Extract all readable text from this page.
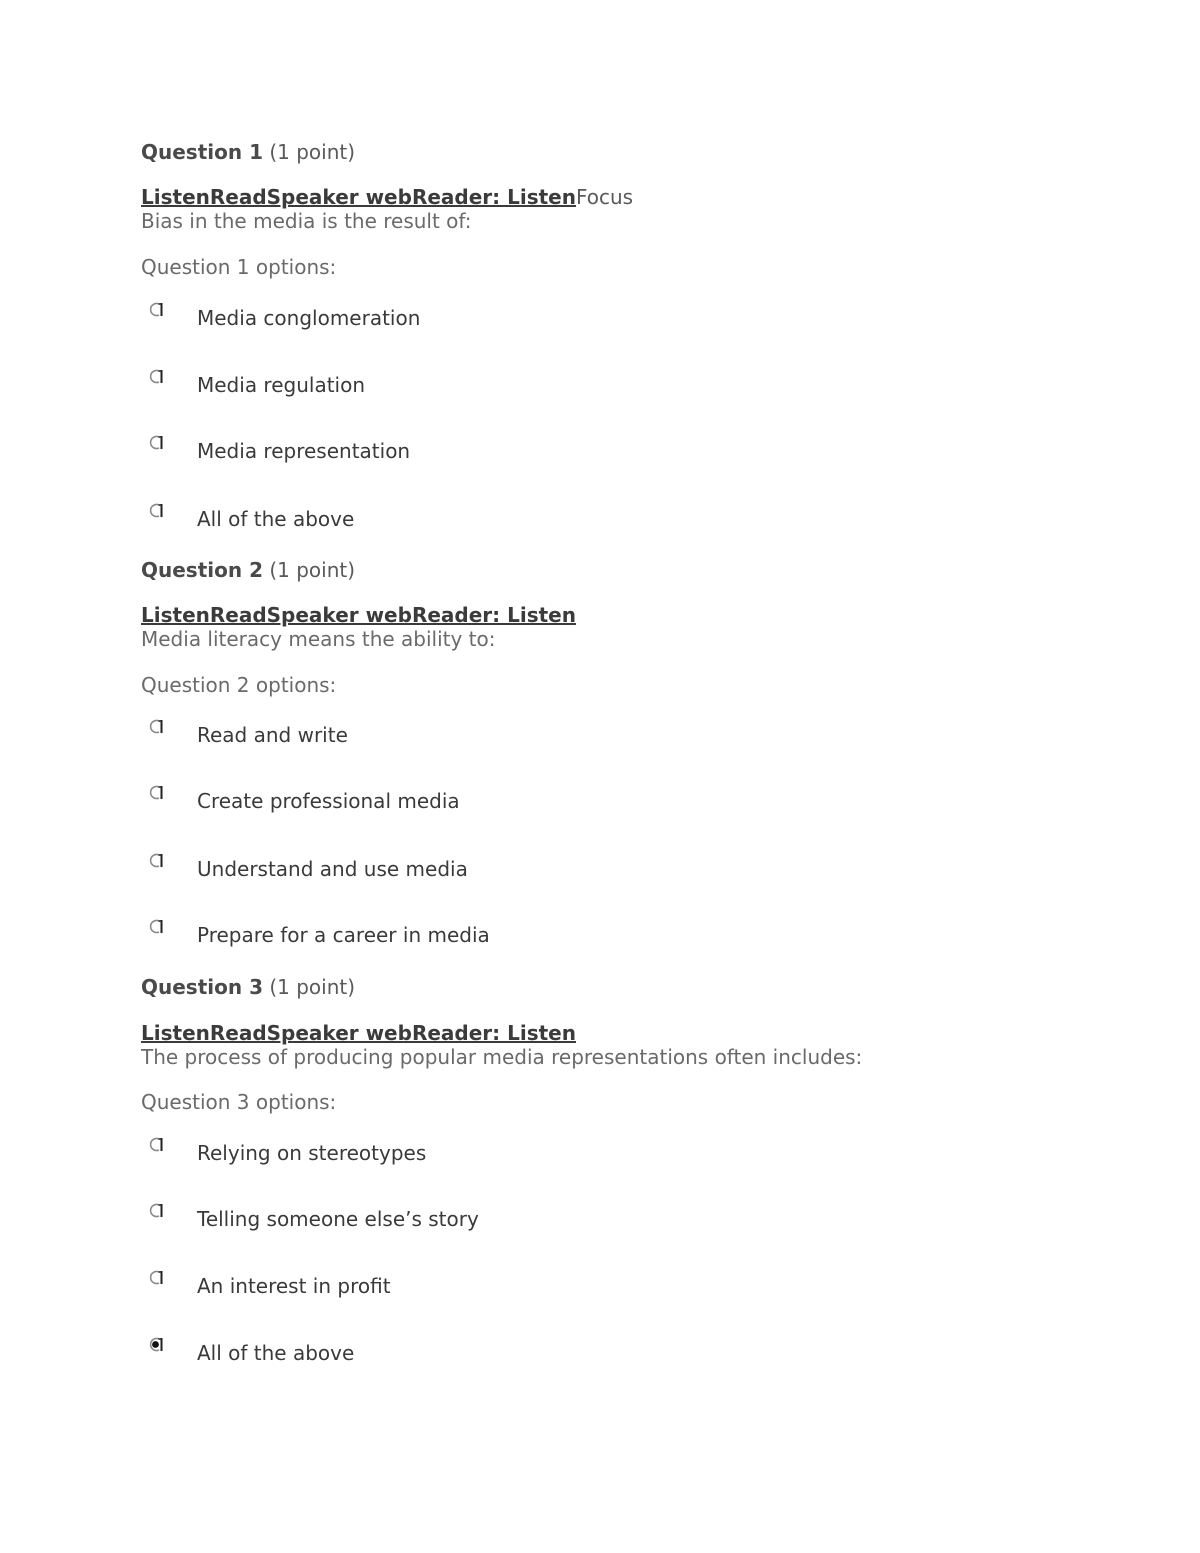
Question 1 (1 point)
ListenReadSpeaker webReader: ListenFocus
Bias in the media is the result of:
Question 1 options:
Media conglomeration
Media regulation
Media representation
All of the above
Question 2 (1 point)
ListenReadSpeaker webReader: Listen
Media literacy means the ability to:
Question 2 options:
Read and write
Create professional media
Understand and use media
Prepare for a career in media
Question 3 (1 point)
ListenReadSpeaker webReader: Listen
The process of producing popular media representations often includes:
Question 3 options:
Relying on stereotypes
Telling someone else’s story
An interest in profit
All of the above
